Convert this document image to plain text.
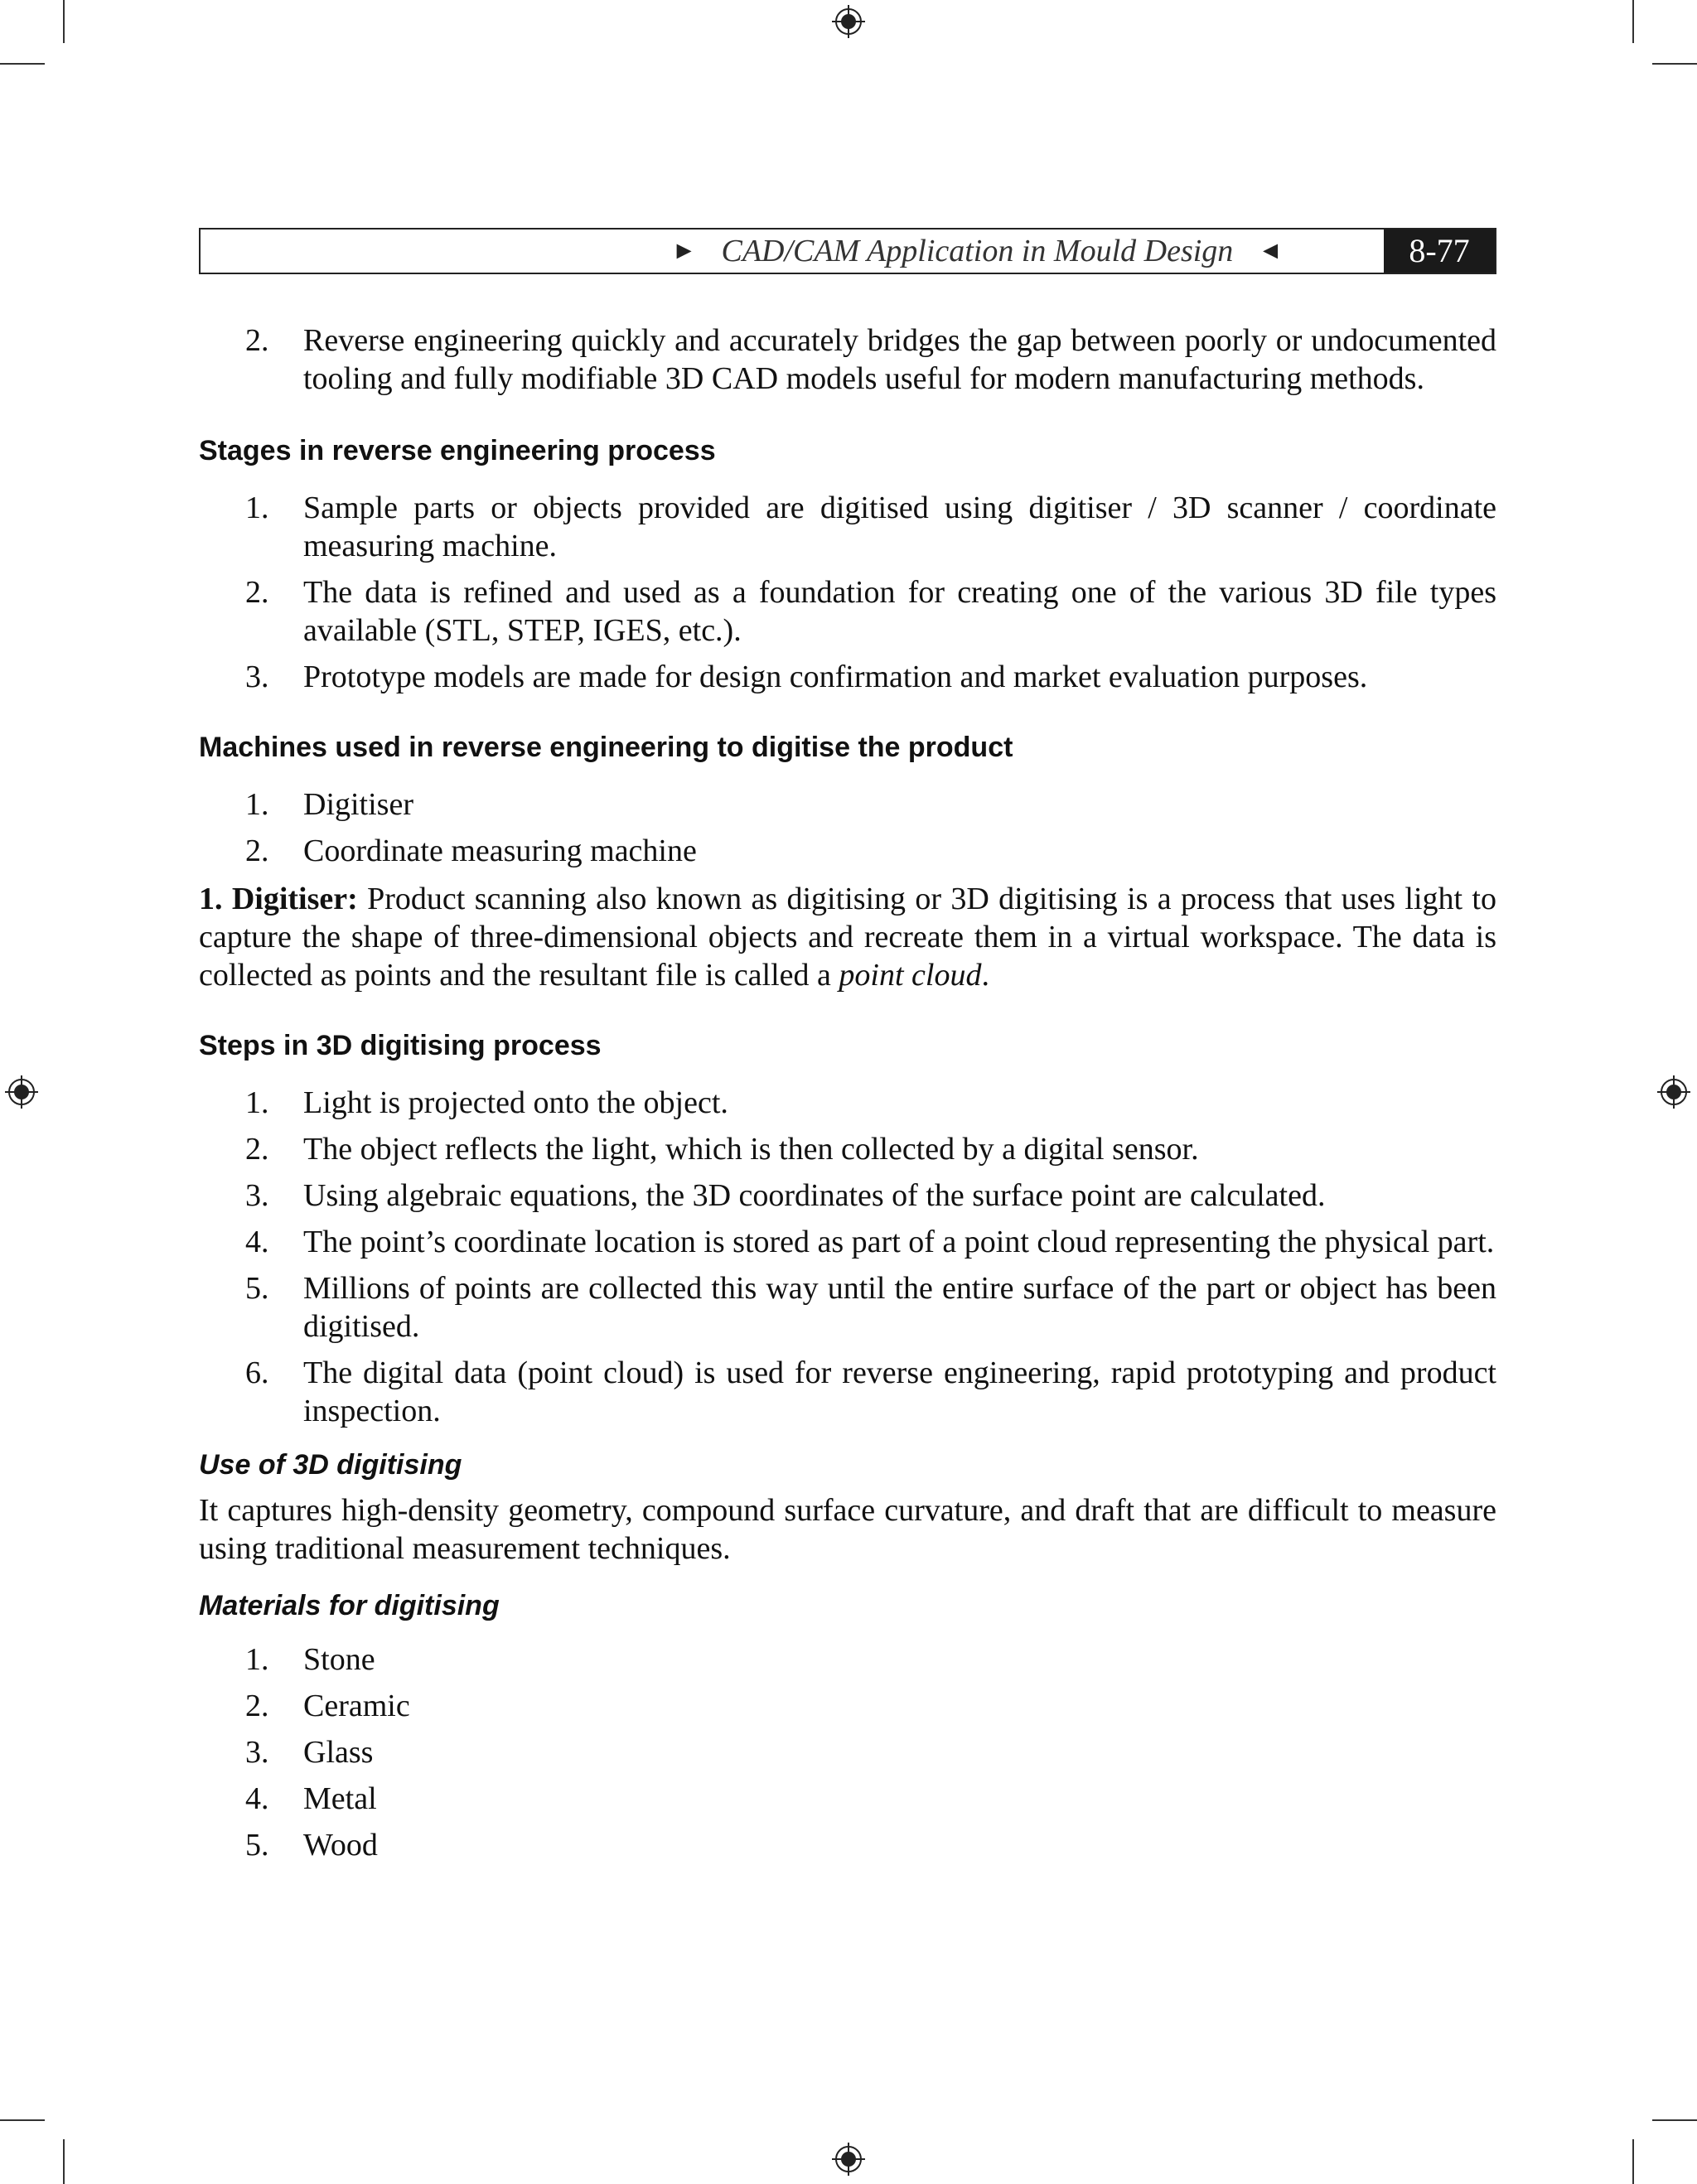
► CAD/CAM Application in Mould Design ◄	8-77
2. Reverse engineering quickly and accurately bridges the gap between poorly or undocumented tooling and fully modifiable 3D CAD models useful for modern manufacturing methods.
Stages in reverse engineering process
1. Sample parts or objects provided are digitised using digitiser / 3D scanner / coordinate measuring machine.
2. The data is refined and used as a foundation for creating one of the various 3D file types available (STL, STEP, IGES, etc.).
3. Prototype models are made for design confirmation and market evaluation purposes.
Machines used in reverse engineering to digitise the product
1. Digitiser
2. Coordinate measuring machine

1. Digitiser: Product scanning also known as digitising or 3D digitising is a process that uses light to capture the shape of three-dimensional objects and recreate them in a virtual workspace. The data is collected as points and the resultant file is called a point cloud.

Steps in 3D digitising process
1. Light is projected onto the object.
2. The object reflects the light, which is then collected by a digital sensor.
3. Using algebraic equations, the 3D coordinates of the surface point are calculated.
4. The point’s coordinate location is stored as part of a point cloud representing the physical part.
5. Millions of points are collected this way until the entire surface of the part or object has been digitised.
6. The digital data (point cloud) is used for reverse engineering, rapid prototyping and product inspection.
Use of 3D digitising

It captures high-density geometry, compound surface curvature, and draft that are difficult to measure using traditional measurement techniques.

Materials for digitising
1. Stone
2. Ceramic
3. Glass
4. Metal
5. Wood
